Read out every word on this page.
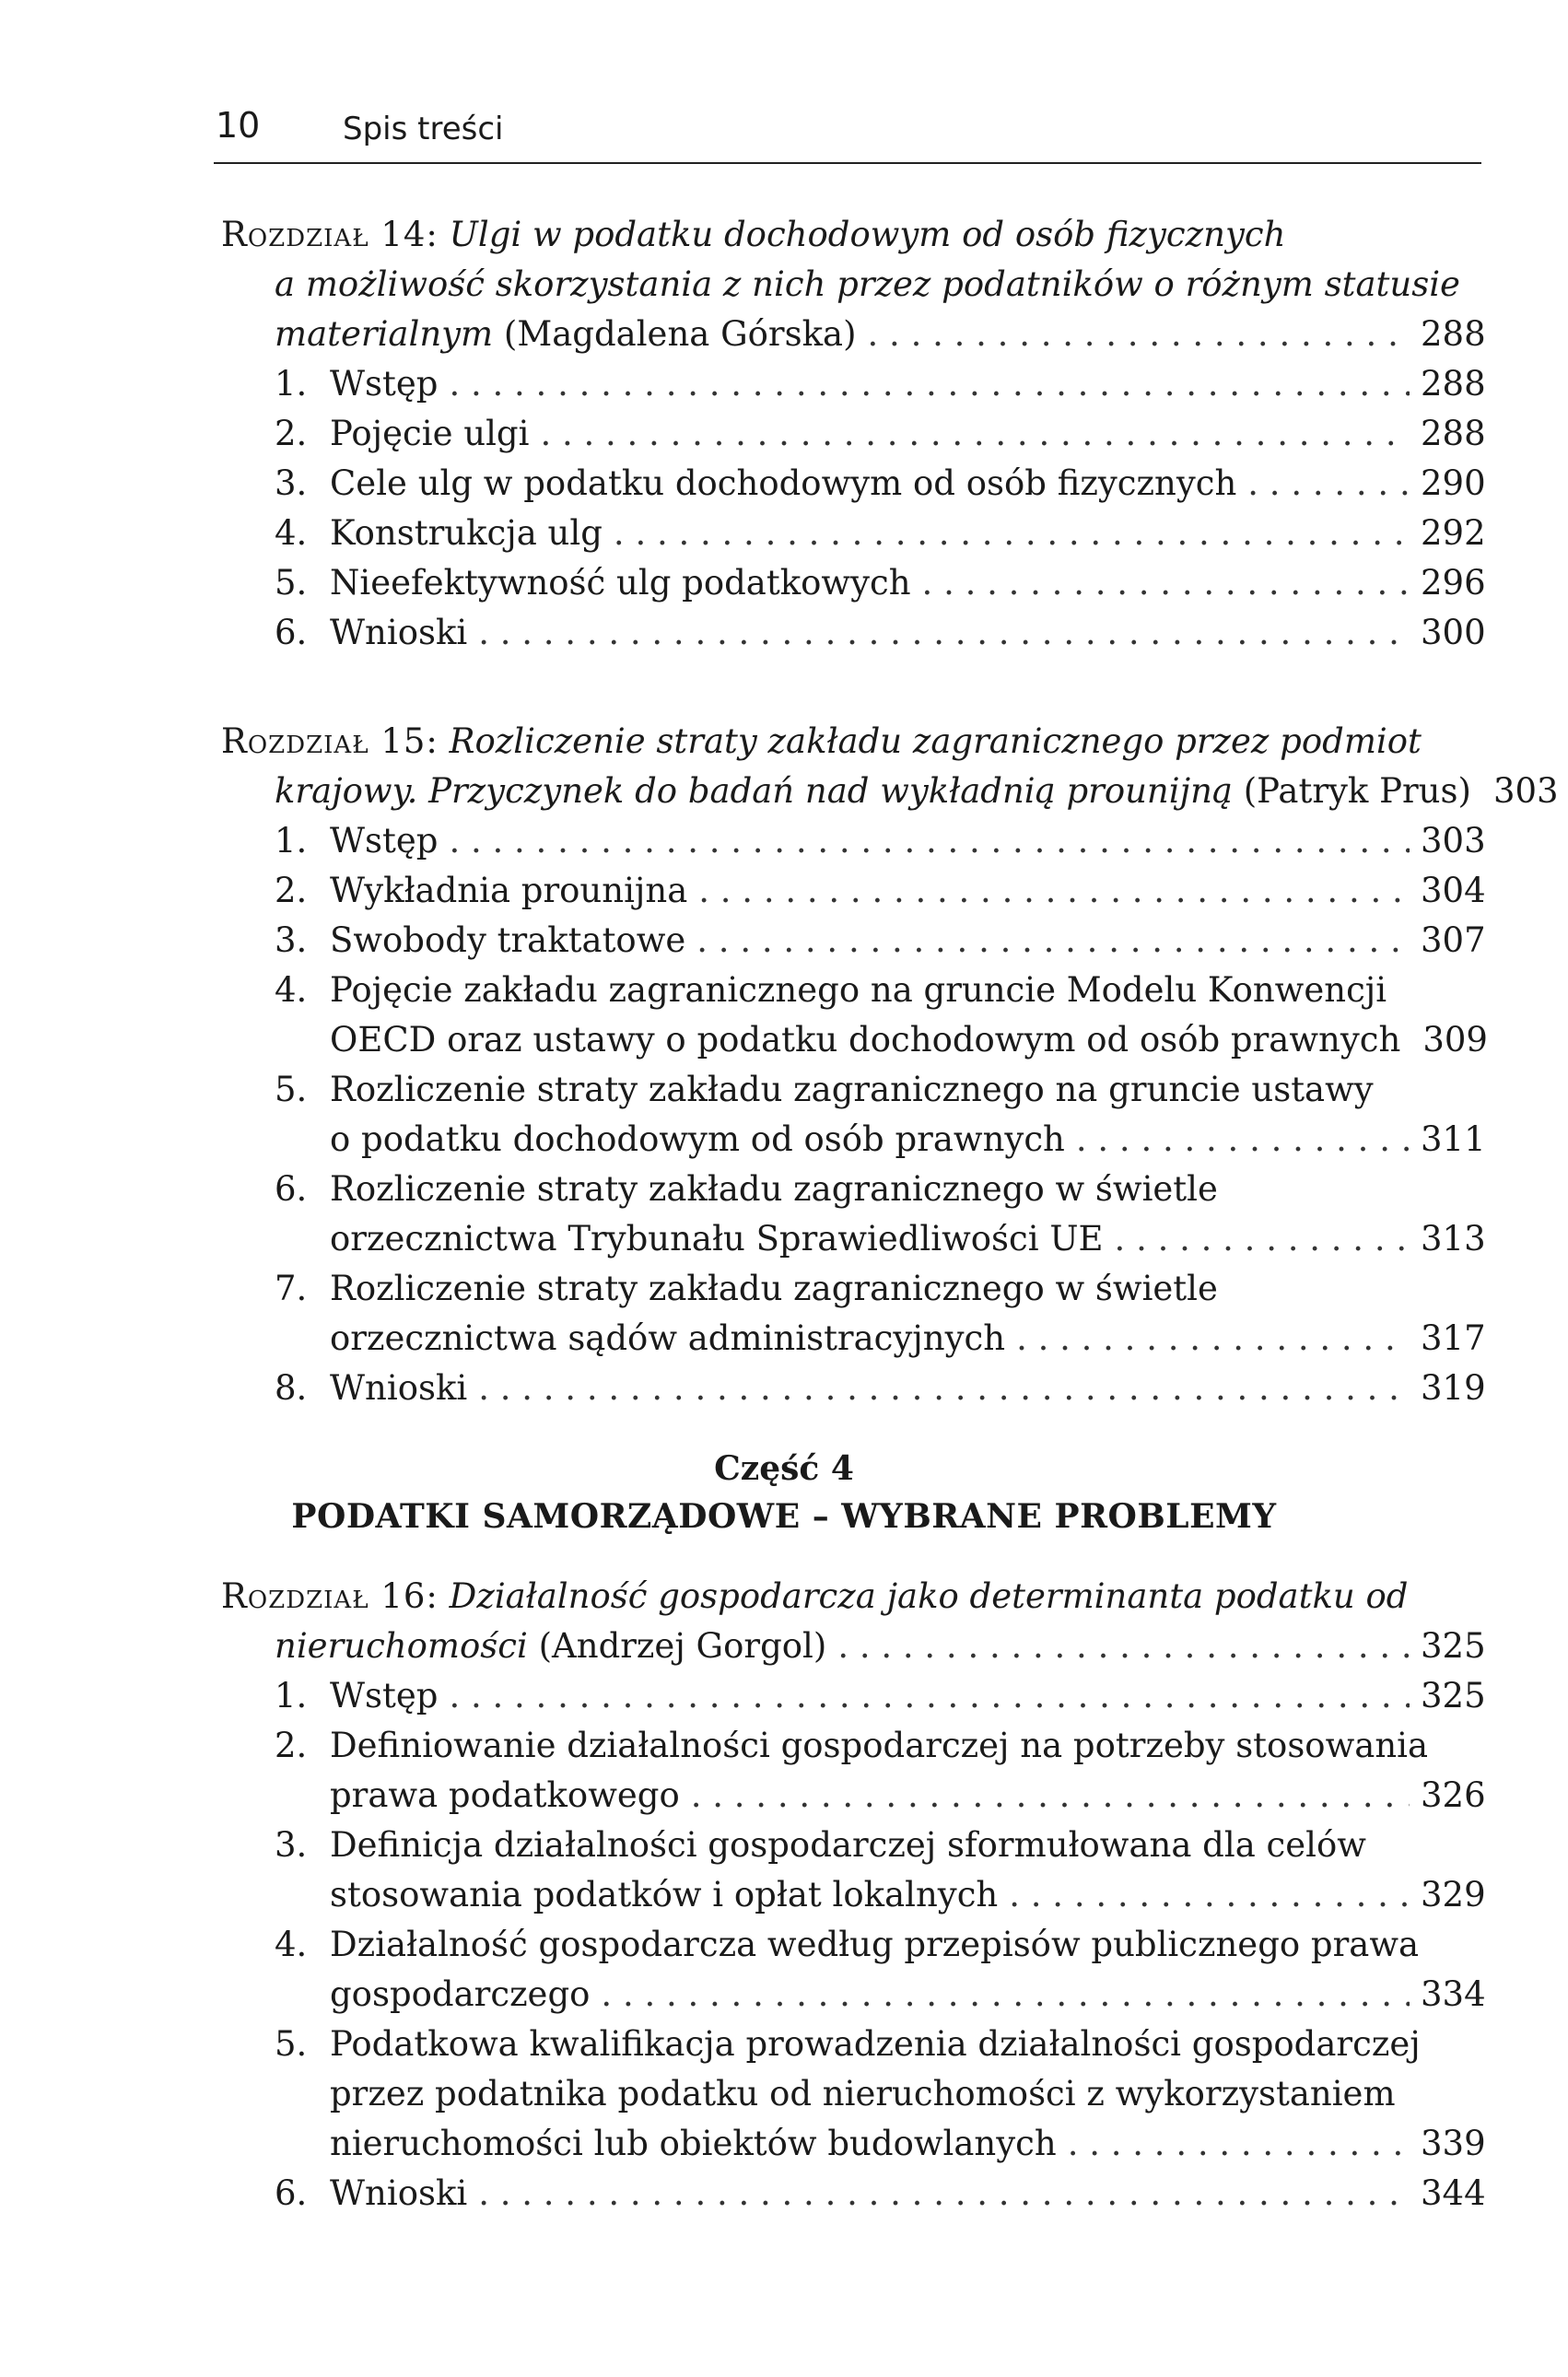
10	Spis treści
Rozdział 14: Ulgi w podatku dochodowym od osób fizycznych
a możliwość skorzystania z nich przez podatników o różnym statusie
materialnym (Magdalena Górska) . . .	288
1. Wstęp . . .	288
2. Pojęcie ulgi . . .	288
3. Cele ulg w podatku dochodowym od osób fizycznych . . .	290
4. Konstrukcja ulg . . .	292
5. Nieefektywność ulg podatkowych . . .	296
6. Wnioski . . .	300
Rozdział 15: Rozliczenie straty zakładu zagranicznego przez podmiot
krajowy. Przyczynek do badań nad wykładnią prounijną (Patryk Prus) 303
1. Wstęp . . .	303
2. Wykładnia prounijna . . .	304
3. Swobody traktatowe . . .	307
4. Pojęcie zakładu zagranicznego na gruncie Modelu Konwencji
OECD oraz ustawy o podatku dochodowym od osób prawnych 309
5. Rozliczenie straty zakładu zagranicznego na gruncie ustawy
o podatku dochodowym od osób prawnych . . .	311
6. Rozliczenie straty zakładu zagranicznego w świetle
orzecznictwa Trybunału Sprawiedliwości UE . . .	313
7. Rozliczenie straty zakładu zagranicznego w świetle
orzecznictwa sądów administracyjnych . . .	317
8. Wnioski . . .	319
Część 4
PODATKI SAMORZĄDOWE – WYBRANE PROBLEMY
Rozdział 16: Działalność gospodarcza jako determinanta podatku od
nieruchomości (Andrzej Gorgol) . . .	325
1. Wstęp . . .	325
2. Definiowanie działalności gospodarczej na potrzeby stosowania
prawa podatkowego . . .	326
3. Definicja działalności gospodarczej sformułowana dla celów
stosowania podatków i opłat lokalnych . . .	329
4. Działalność gospodarcza według przepisów publicznego prawa
gospodarczego . . .	334
5. Podatkowa kwalifikacja prowadzenia działalności gospodarczej
przez podatnika podatku od nieruchomości z wykorzystaniem
nieruchomości lub obiektów budowlanych . . .	339
6. Wnioski . . .	344
